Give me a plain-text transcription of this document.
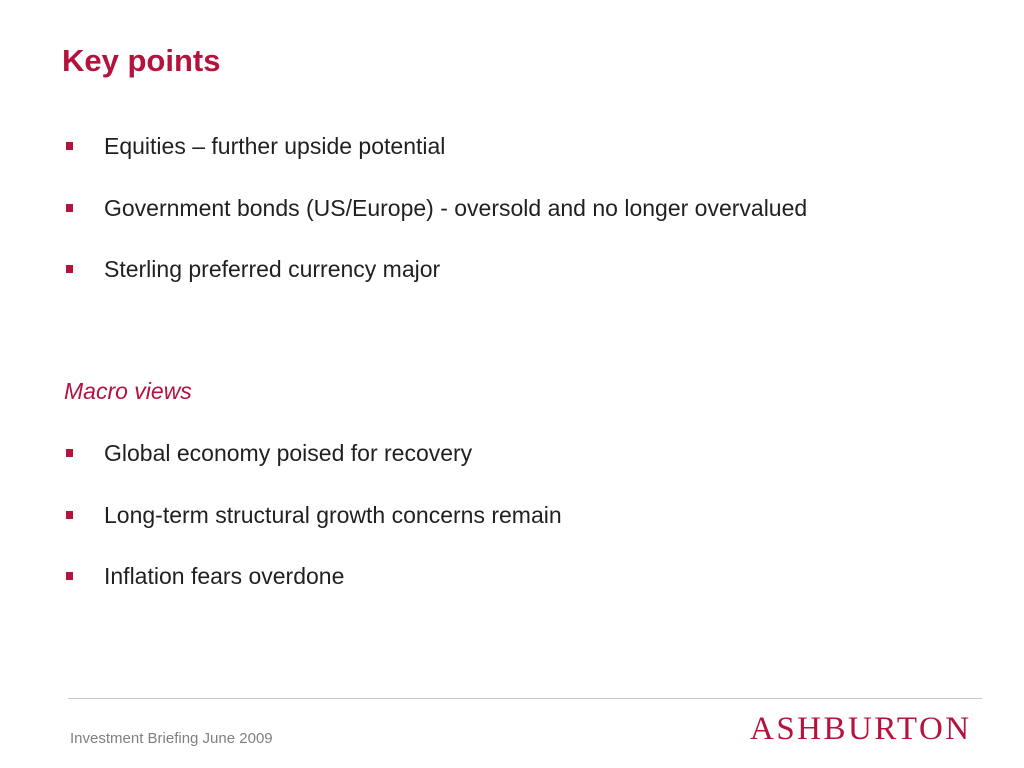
Key points
Equities – further upside potential
Government bonds (US/Europe) - oversold and no longer overvalued
Sterling preferred currency major
Macro views
Global economy poised for recovery
Long-term structural growth concerns remain
Inflation fears overdone
Investment Briefing June 2009	ASHBURTON
